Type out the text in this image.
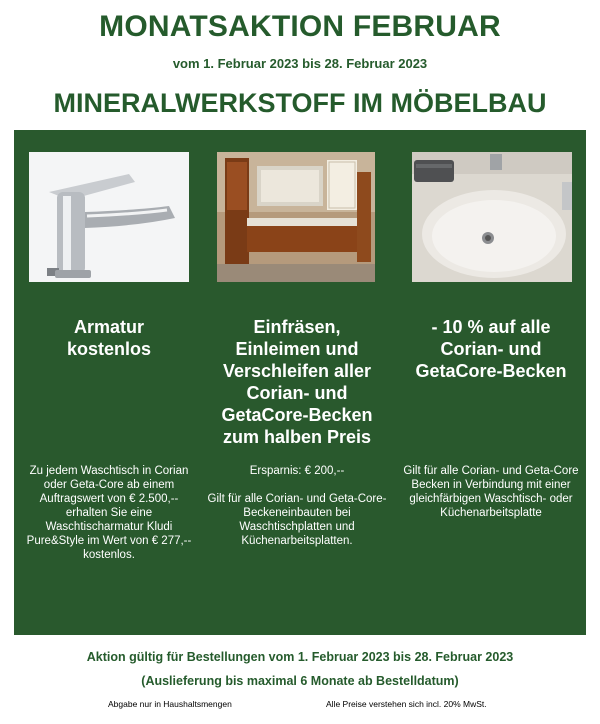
MONATSAKTION FEBRUAR
vom 1. Februar 2023 bis 28. Februar 2023
MINERALWERKSTOFF IM MÖBELBAU
Armatur
kostenlos

Zu jedem Waschtisch in Corian oder Geta-Core ab einem Auftragswert von € 2.500,-- erhalten Sie eine Waschtischarmatur Kludi Pure&Style im Wert von € 277,-- kostenlos.

Einfräsen,
Einleimen und
Verschleifen aller
Corian- und
GetaCore-Becken
zum halben Preis

Ersparnis: € 200,--

Gilt für alle Corian- und Geta-Core-Beckeneinbauten bei Waschtischplatten und Küchenarbeitsplatten.

- 10 % auf alle
Corian- und
GetaCore-Becken

Gilt für alle Corian- und Geta-Core Becken in Verbindung mit einer gleichfärbigen Waschtisch- oder Küchenarbeitsplatte

Aktion gültig für Bestellungen vom 1. Februar 2023 bis 28. Februar 2023
(Auslieferung bis maximal 6 Monate ab Bestelldatum)
Abgabe nur in Haushaltsmengen	Alle Preise verstehen sich incl. 20% MwSt.
